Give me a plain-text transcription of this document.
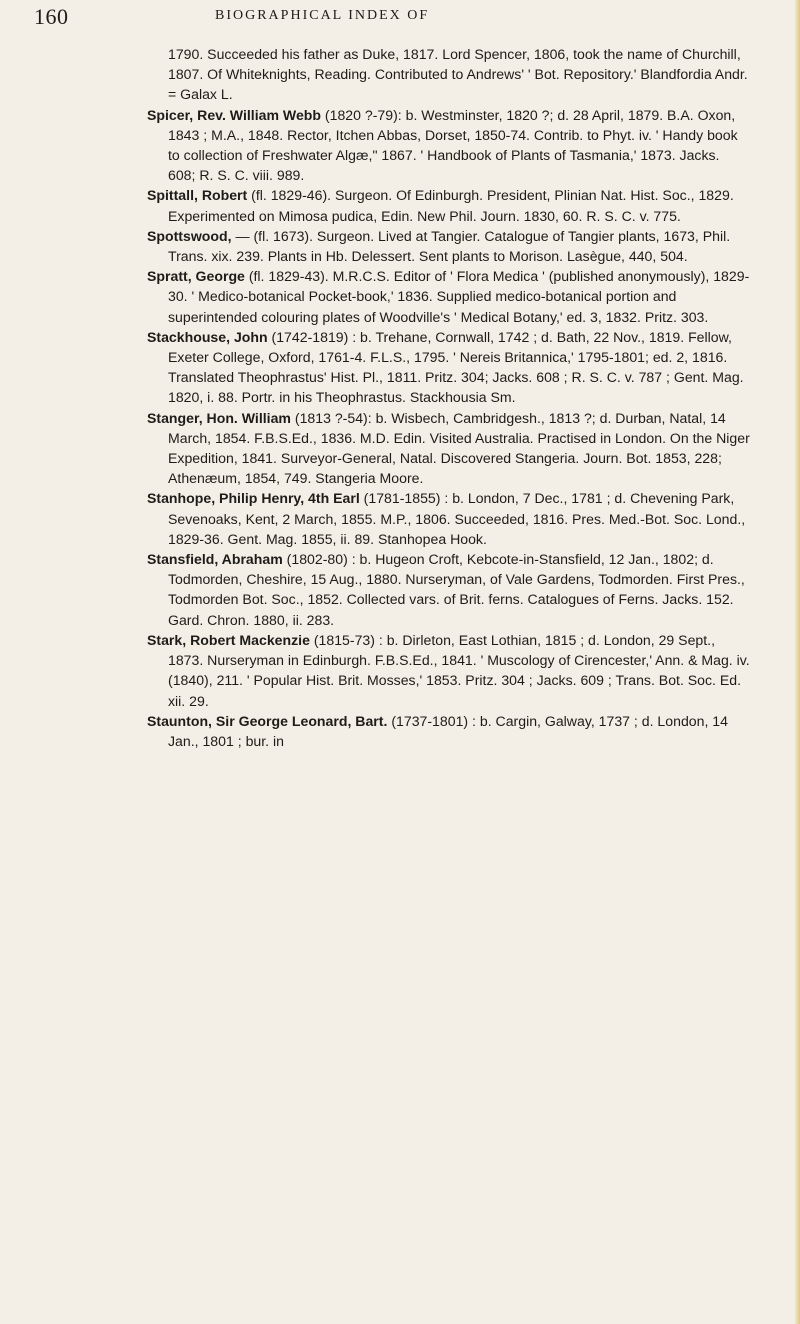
160	BIOGRAPHICAL INDEX OF

1790. Succeeded his father as Duke, 1817. Lord Spencer, 1806, took the name of Churchill, 1807. Of Whiteknights, Reading. Contributed to Andrews' ' Bot. Repository.' Blandfordia Andr. = Galax L.

Spicer, Rev. William Webb (1820 ?-79): b. Westminster, 1820 ?; d. 28 April, 1879. B.A. Oxon, 1843 ; M.A., 1848. Rector, Itchen Abbas, Dorset, 1850-74. Contrib. to Phyt. iv. ' Handy book to collection of Freshwater Algæ," 1867. ' Handbook of Plants of Tasmania,' 1873. Jacks. 608; R. S. C. viii. 989.

Spittall, Robert (fl. 1829-46). Surgeon. Of Edinburgh. President, Plinian Nat. Hist. Soc., 1829. Experimented on Mimosa pudica, Edin. New Phil. Journ. 1830, 60. R. S. C. v. 775.

Spottswood, — (fl. 1673). Surgeon. Lived at Tangier. Catalogue of Tangier plants, 1673, Phil. Trans. xix. 239. Plants in Hb. Delessert. Sent plants to Morison. Lasègue, 440, 504.

Spratt, George (fl. 1829-43). M.R.C.S. Editor of ' Flora Medica ' (published anonymously), 1829-30. ' Medico-botanical Pocket-book,' 1836. Supplied medico-botanical portion and superintended colouring plates of Woodville's ' Medical Botany,' ed. 3, 1832. Pritz. 303.

Stackhouse, John (1742-1819) : b. Trehane, Cornwall, 1742 ; d. Bath, 22 Nov., 1819. Fellow, Exeter College, Oxford, 1761-4. F.L.S., 1795. ' Nereis Britannica,' 1795-1801; ed. 2, 1816. Translated Theophrastus' Hist. Pl., 1811. Pritz. 304; Jacks. 608 ; R. S. C. v. 787 ; Gent. Mag. 1820, i. 88. Portr. in his Theophrastus. Stackhousia Sm.

Stanger, Hon. William (1813 ?-54): b. Wisbech, Cambridgesh., 1813 ?; d. Durban, Natal, 14 March, 1854. F.B.S.Ed., 1836. M.D. Edin. Visited Australia. Practised in London. On the Niger Expedition, 1841. Surveyor-General, Natal. Discovered Stangeria. Journ. Bot. 1853, 228; Athenæum, 1854, 749. Stangeria Moore.

Stanhope, Philip Henry, 4th Earl (1781-1855) : b. London, 7 Dec., 1781 ; d. Chevening Park, Sevenoaks, Kent, 2 March, 1855. M.P., 1806. Succeeded, 1816. Pres. Med.-Bot. Soc. Lond., 1829-36. Gent. Mag. 1855, ii. 89. Stanhopea Hook.

Stansfield, Abraham (1802-80) : b. Hugeon Croft, Kebcote-in-Stansfield, 12 Jan., 1802; d. Todmorden, Cheshire, 15 Aug., 1880. Nurseryman, of Vale Gardens, Todmorden. First Pres., Todmorden Bot. Soc., 1852. Collected vars. of Brit. ferns. Catalogues of Ferns. Jacks. 152. Gard. Chron. 1880, ii. 283.

Stark, Robert Mackenzie (1815-73) : b. Dirleton, East Lothian, 1815 ; d. London, 29 Sept., 1873. Nurseryman in Edinburgh. F.B.S.Ed., 1841. ' Muscology of Cirencester,' Ann. & Mag. iv. (1840), 211. ' Popular Hist. Brit. Mosses,' 1853. Pritz. 304 ; Jacks. 609 ; Trans. Bot. Soc. Ed. xii. 29.

Staunton, Sir George Leonard, Bart. (1737-1801) : b. Cargin, Galway, 1737 ; d. London, 14 Jan., 1801 ; bur. in
